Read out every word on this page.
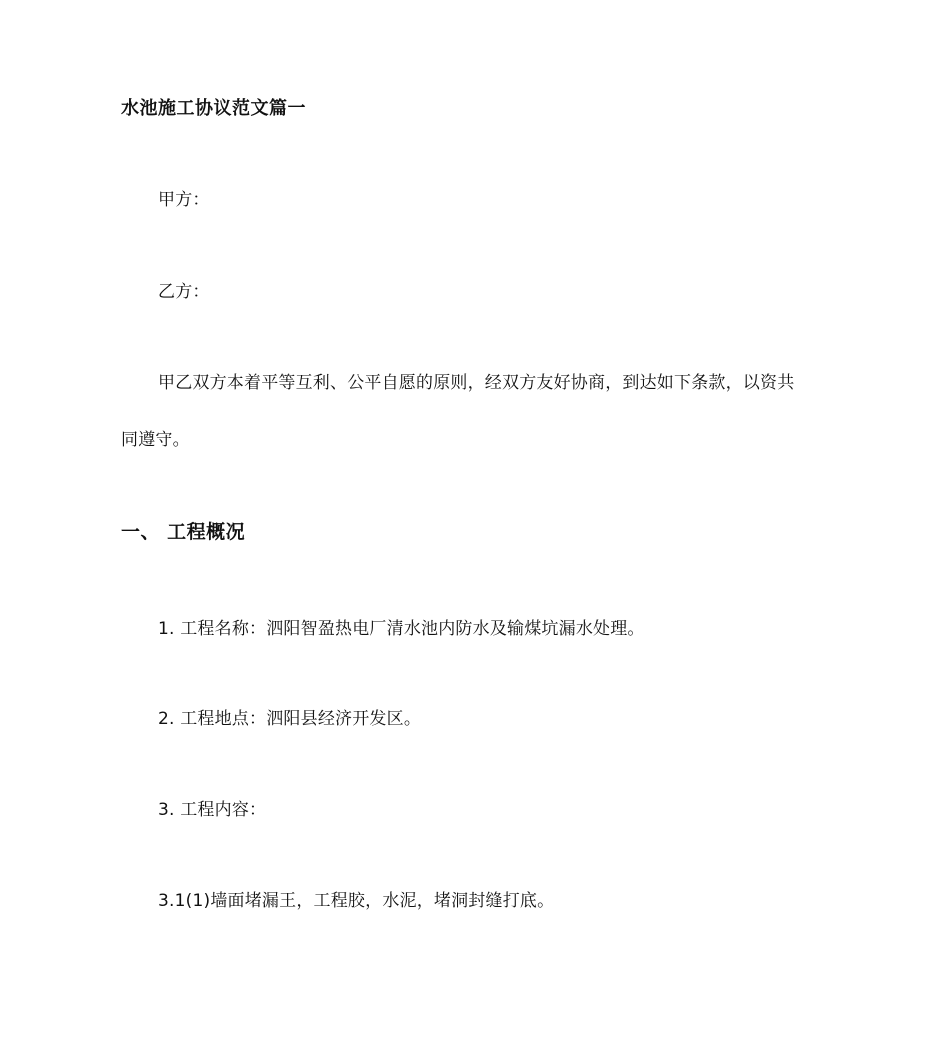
水池施工协议范文篇一
甲方：
乙方：
甲乙双方本着平等互利、公平自愿的原则，经双方友好协商，到达如下条款，以资共
同遵守。
一、 工程概况
1. 工程名称：泗阳智盈热电厂清水池内防水及输煤坑漏水处理。
2. 工程地点：泗阳县经济开发区。
3. 工程内容：
3.1(1)墙面堵漏王，工程胶，水泥，堵洞封缝打底。
